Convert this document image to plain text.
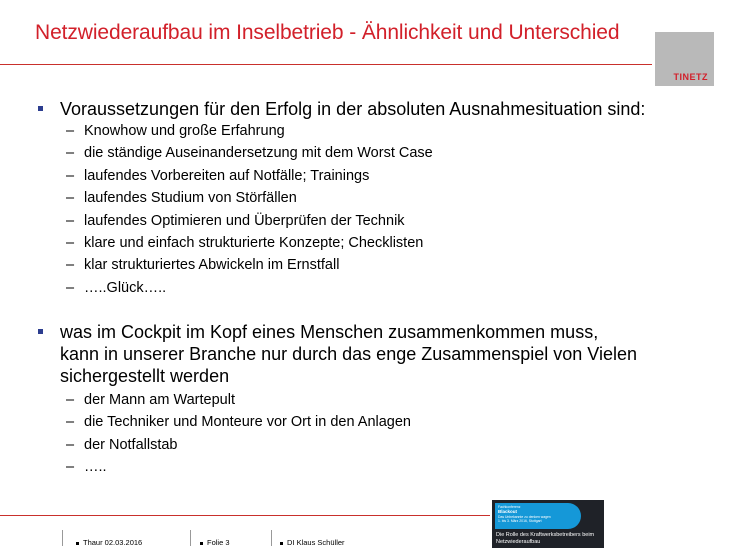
Netzwiederaufbau im Inselbetrieb - Ähnlichkeit und Unterschied
TINETZ
Voraussetzungen für den Erfolg in der absoluten Ausnahmesituation sind:
– Knowhow und große Erfahrung
– die ständige Auseinandersetzung mit dem Worst Case
– laufendes Vorbereiten auf Notfälle; Trainings
– laufendes Studium von Störfällen
– laufendes Optimieren und Überprüfen der Technik
– klare und einfach strukturierte Konzepte; Checklisten
– klar strukturiertes Abwickeln im Ernstfall
– …..Glück…..
was im Cockpit im Kopf eines Menschen zusammenkommen muss,
kann in unserer Branche nur durch das enge Zusammenspiel von Vielen
sichergestellt werden
– der Mann am Wartepult
– die Techniker und Monteure vor Ort in den Anlagen
– der Notfallstab
– …..
Thaur 02.03.2016	Folie 3	DI Klaus Schüller
Fachkonferenz
Blackout
Das Unbekannte zu denken wagen
1. bis 3. März 2016, Stuttgart
Die Rolle des Kraftwerksbetreibers beim Netzwiederaufbau
